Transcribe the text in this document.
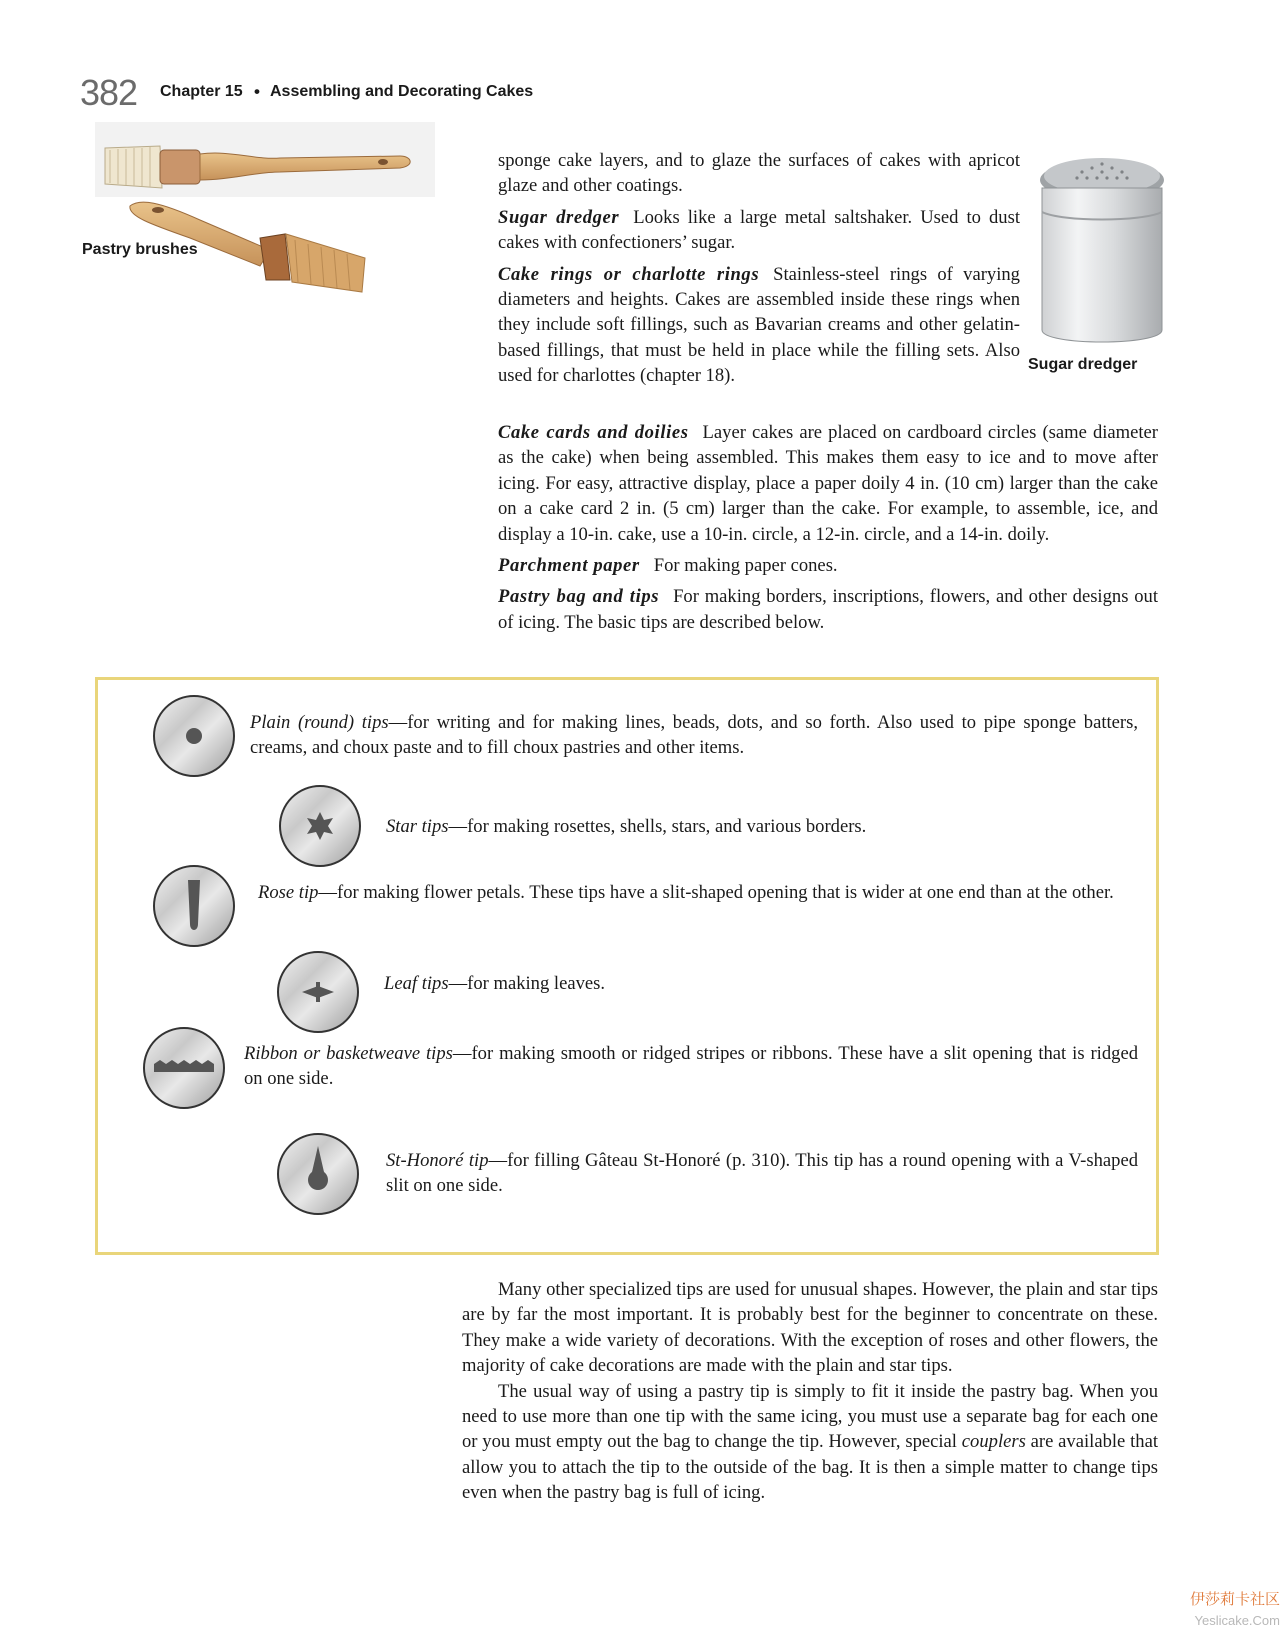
382 Chapter 15 • Assembling and Decorating Cakes
Pastry brushes
Sugar dredger
sponge cake layers, and to glaze the surfaces of cakes with apricot glaze and other coatings.
Sugar dredger Looks like a large metal saltshaker. Used to dust cakes with confectioners’ sugar.
Cake rings or charlotte rings Stainless-steel rings of varying diameters and heights. Cakes are assembled inside these rings when they include soft fillings, such as Bavarian creams and other gelatin-based fillings, that must be held in place while the filling sets. Also used for charlottes (chapter 18).
Cake cards and doilies Layer cakes are placed on cardboard circles (same diameter as the cake) when being assembled. This makes them easy to ice and to move after icing. For easy, attractive display, place a paper doily 4 in. (10 cm) larger than the cake on a cake card 2 in. (5 cm) larger than the cake. For example, to assemble, ice, and display a 10-in. cake, use a 10-in. circle, a 12-in. circle, and a 14-in. doily.
Parchment paper For making paper cones.
Pastry bag and tips For making borders, inscriptions, flowers, and other designs out of icing. The basic tips are described below.
Plain (round) tips—for writing and for making lines, beads, dots, and so forth. Also used to pipe sponge batters, creams, and choux paste and to fill choux pastries and other items.
Star tips—for making rosettes, shells, stars, and various borders.
Rose tip—for making flower petals. These tips have a slit-shaped opening that is wider at one end than at the other.
Leaf tips—for making leaves.
Ribbon or basketweave tips—for making smooth or ridged stripes or ribbons. These have a slit opening that is ridged on one side.
St-Honoré tip—for filling Gâteau St-Honoré (p. 310). This tip has a round opening with a V-shaped slit on one side.
Many other specialized tips are used for unusual shapes. However, the plain and star tips are by far the most important. It is probably best for the beginner to concentrate on these. They make a wide variety of decorations. With the exception of roses and other flowers, the majority of cake decorations are made with the plain and star tips.
The usual way of using a pastry tip is simply to fit it inside the pastry bag. When you need to use more than one tip with the same icing, you must use a separate bag for each one or you must empty out the bag to change the tip. However, special couplers are available that allow you to attach the tip to the outside of the bag. It is then a simple matter to change tips even when the pastry bag is full of icing.
伊莎莉卡社区
Yeslicake.Com
